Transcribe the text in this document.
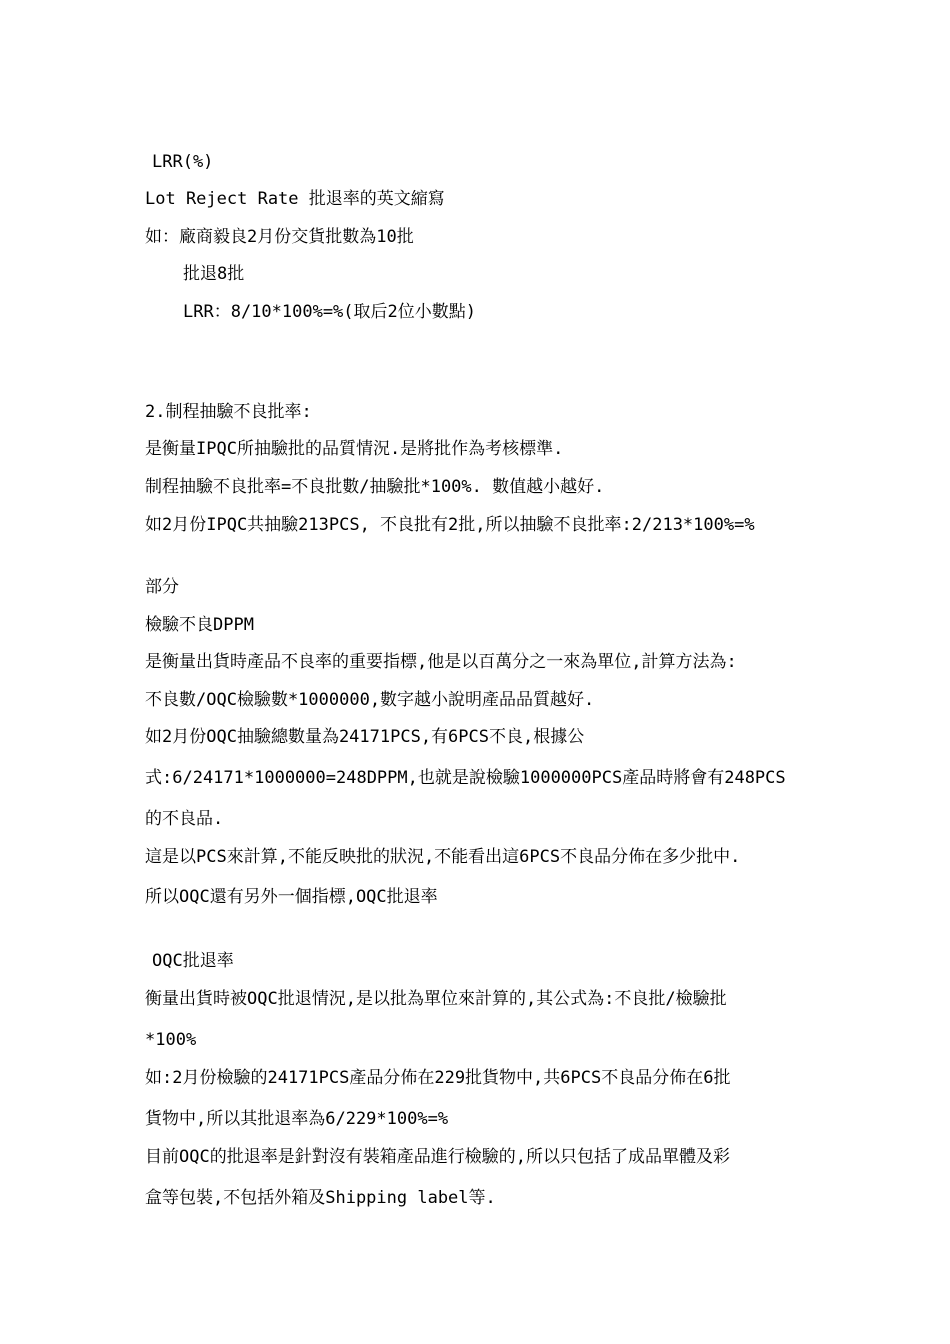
LRR(%)
Lot Reject Rate 批退率的英文縮寫
如：廠商毅良2月份交貨批數為10批
批退8批
LRR：8/10*100%=%(取后2位小數點)
2.制程抽驗不良批率:
是衡量IPQC所抽驗批的品質情況.是將批作為考核標準.
制程抽驗不良批率=不良批數/抽驗批*100%. 數值越小越好.
如2月份IPQC共抽驗213PCS, 不良批有2批,所以抽驗不良批率:2/213*100%=%
部分
檢驗不良DPPM
是衡量出貨時產品不良率的重要指標,他是以百萬分之一來為單位,計算方法為:
不良數/OQC檢驗數*1000000,數字越小說明產品品質越好.
如2月份OQC抽驗總數量為24171PCS,有6PCS不良,根據公
式:6/24171*1000000=248DPPM,也就是說檢驗1000000PCS產品時將會有248PCS
的不良品.
這是以PCS來計算,不能反映批的狀況,不能看出這6PCS不良品分佈在多少批中.
所以OQC還有另外一個指標,OQC批退率
OQC批退率
衡量出貨時被OQC批退情況,是以批為單位來計算的,其公式為:不良批/檢驗批
*100%
如:2月份檢驗的24171PCS產品分佈在229批貨物中,共6PCS不良品分佈在6批
貨物中,所以其批退率為6/229*100%=%
目前OQC的批退率是針對沒有裝箱產品進行檢驗的,所以只包括了成品單體及彩
盒等包裝,不包括外箱及Shipping label等.
